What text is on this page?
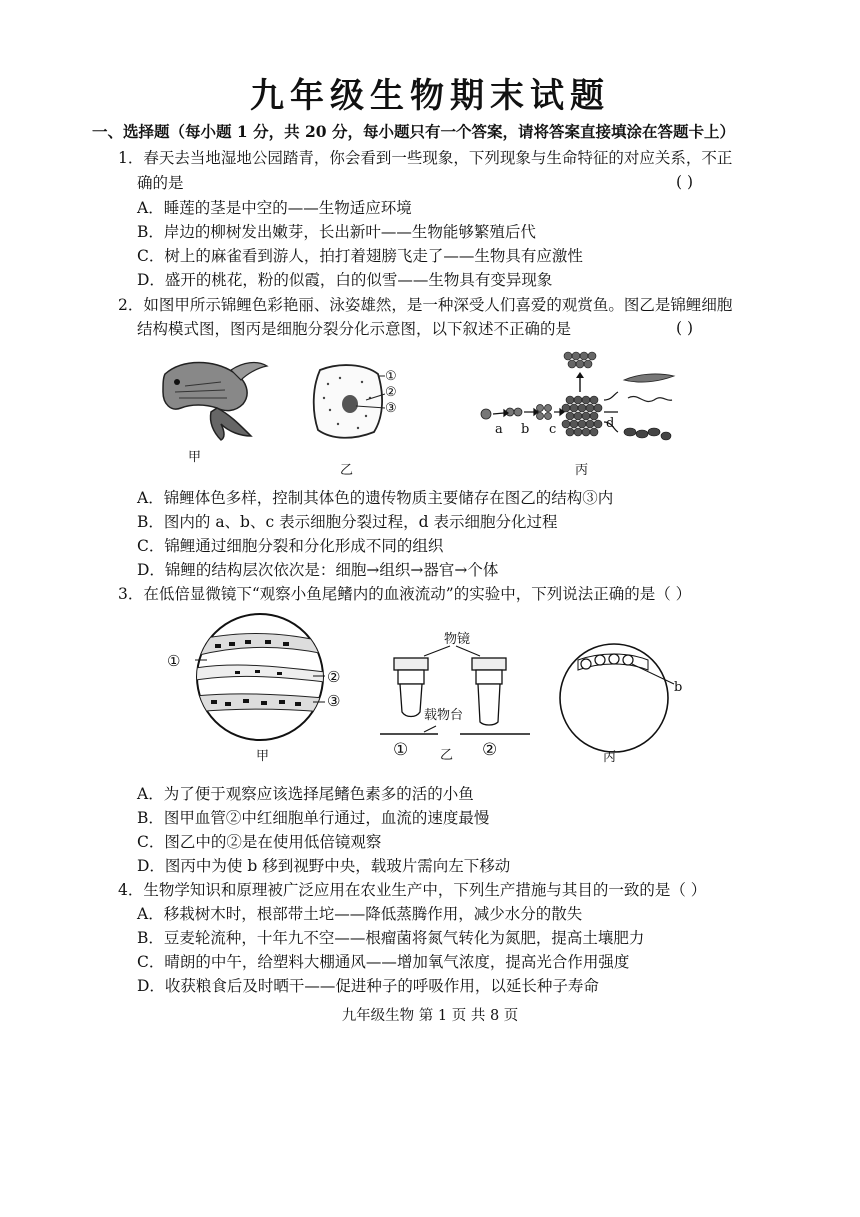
九年级生物期末试题
一、选择题（每小题 1 分，共 20 分，每小题只有一个答案，请将答案直接填涂在答题卡上）
1．春天去当地湿地公园踏青，你会看到一些现象，下列现象与生命特征的对应关系，不正
确的是	( )
A．睡莲的茎是中空的——生物适应环境
B．岸边的柳树发出嫩芽，长出新叶——生物能够繁殖后代
C．树上的麻雀看到游人，拍打着翅膀飞走了——生物具有应激性
D．盛开的桃花，粉的似霞，白的似雪——生物具有变异现象
2．如图甲所示锦鲤色彩艳丽、泳姿雄然，是一种深受人们喜爱的观赏鱼。图乙是锦鲤细胞
结构模式图，图丙是细胞分裂分化示意图，以下叙述不正确的是	( )
甲
①
②
③
乙
a b c	d
丙
A．锦鲤体色多样，控制其体色的遗传物质主要储存在图乙的结构③内
B．图内的 a、b、c 表示细胞分裂过程，d 表示细胞分化过程
C．锦鲤通过细胞分裂和分化形成不同的组织
D．锦鲤的结构层次依次是：细胞→组织→器官→个体
3．在低倍显微镜下“观察小鱼尾鳍内的血液流动”的实验中，下列说法正确的是（ ）
①
②
③
甲
物镜
载物台
① 乙 ②
b
丙
A．为了便于观察应该选择尾鳍色素多的活的小鱼
B．图甲血管②中红细胞单行通过，血流的速度最慢
C．图乙中的②是在使用低倍镜观察
D．图丙中为使 b 移到视野中央，载玻片需向左下移动
4．生物学知识和原理被广泛应用在农业生产中，下列生产措施与其目的一致的是（ ）
A．移栽树木时，根部带土坨——降低蒸腾作用，减少水分的散失
B．豆麦轮流种，十年九不空——根瘤菌将氮气转化为氮肥，提高土壤肥力
C．晴朗的中午，给塑料大棚通风——增加氧气浓度，提高光合作用强度
D．收获粮食后及时晒干——促进种子的呼吸作用，以延长种子寿命
九年级生物 第 1 页 共 8 页
